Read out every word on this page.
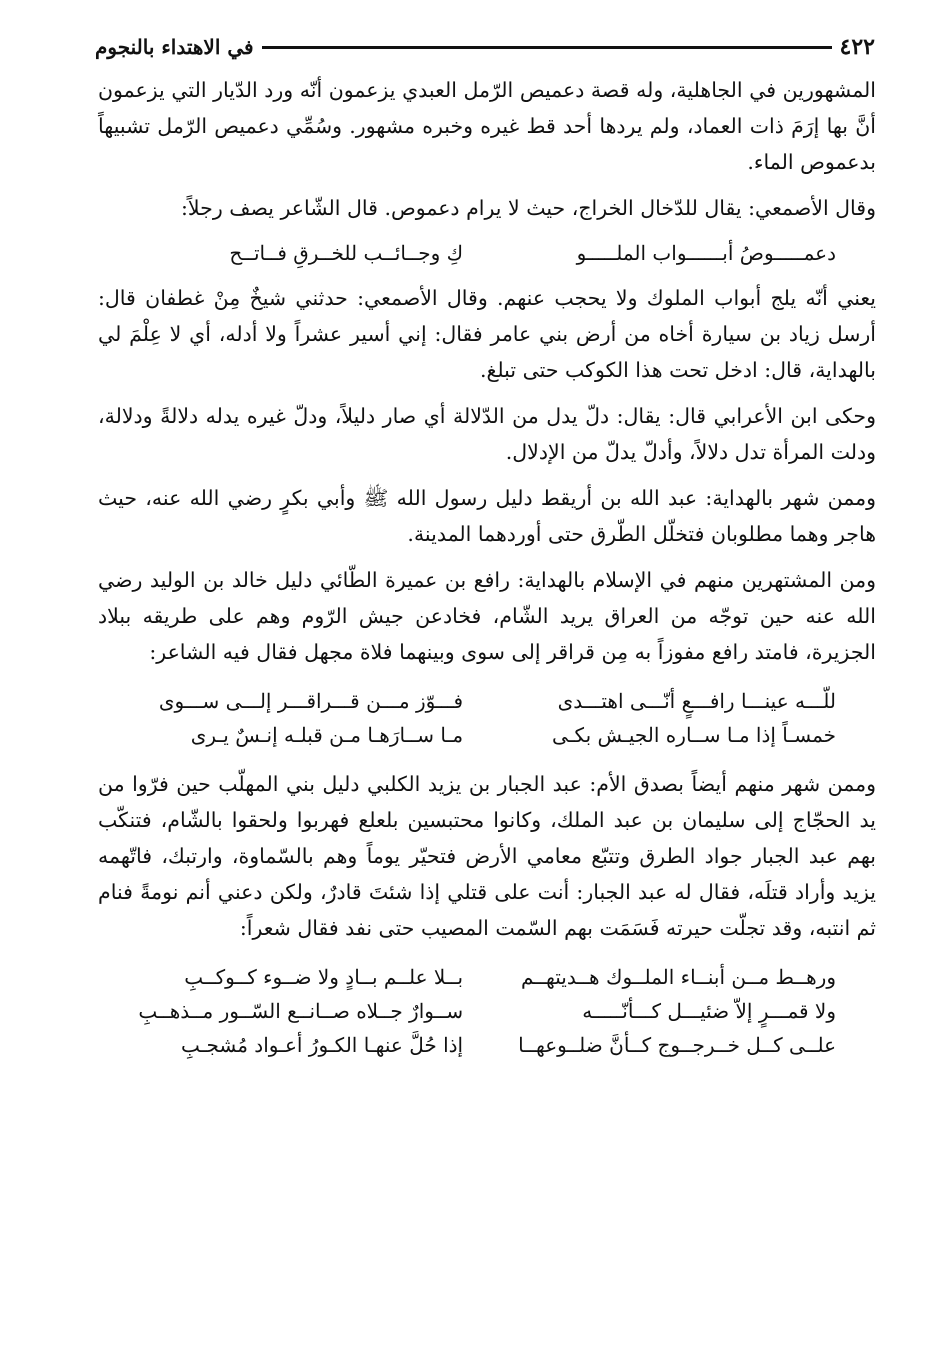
٤٢٢
في الاهتداء بالنجوم

المشهورين في الجاهلية، وله قصة دعميص الرّمل العبدي يزعمون أنّه ورد الدّيار التي يزعمون أنَّ بها إرَمَ ذات العماد، ولم يردها أحد قط غيره وخبره مشهور. وسُمِّي دعميص الرّمل تشبيهاً بدعموص الماء.

وقال الأصمعي: يقال للدّخال الخراج، حيث لا يرام دعموص. قال الشّاعر يصف رجلاً:

دعمـــــوصُ أبــــــواب الملـــــو
كِ وجــائــب للخــرقِ فــاتــح

يعني أنّه يلج أبواب الملوك ولا يحجب عنهم. وقال الأصمعي: حدثني شيخٌ مِنْ غطفان قال: أرسل زياد بن سيارة أخاه من أرض بني عامر فقال: إني أسير عشراً ولا أدله، أي لا عِلْمَ لي بالهداية، قال: ادخل تحت هذا الكوكب حتى تبلغ.

وحكى ابن الأعرابي قال: يقال: دلّ يدل من الدّلالة أي صار دليلاً، ودلّ غيره يدله دلالةً ودلالة، ودلت المرأة تدل دلالاً، وأدلّ يدلّ من الإدلال.

وممن شهر بالهداية: عبد الله بن أريقط دليل رسول الله ﷺ وأبي بكرٍ رضي الله عنه، حيث هاجر وهما مطلوبان فتخلّل الطّرق حتى أوردهما المدينة.

ومن المشتهرين منهم في الإسلام بالهداية: رافع بن عميرة الطّائي دليل خالد بن الوليد رضي الله عنه حين توجّه من العراق يريد الشّام، فخادعن جيش الرّوم وهم على طريقه ببلاد الجزيرة، فامتد رافع مفوزاً به مِن قراقر إلى سوى وبينهما فلاة مجهل فقال فيه الشاعر:

للّـــه عينـــا رافـــعٍ أنّـــى اهتـــدى
فـــوّز مـــن قـــراقـــر إلـــى ســـوى
خمسـاً إذا مـا ســاره الجيـش بكـى
مـا ســارَهـا مـن قبلـه إنـسٌ يـرى

وممن شهر منهم أيضاً بصدق الأم: عبد الجبار بن يزيد الكلبي دليل بني المهلّب حين فرّوا من يد الحجّاج إلى سليمان بن عبد الملك، وكانوا محتبسين بلعلع فهربوا ولحقوا بالشّام، فتنكّب بهم عبد الجبار جواد الطرق وتتبّع معامي الأرض فتحيّر يوماً وهم بالسّماوة، وارتبك، فاتّهمه يزيد وأراد قتلَه، فقال له عبد الجبار: أنت على قتلي إذا شئتَ قادرٌ، ولكن دعني أنم نومةً فنام ثم انتبه، وقد تجلّت حيرته فَسَمَت بهم السّمت المصيب حتى نفد فقال شعراً:

ورهــط مــن أبنــاء الملــوك هــديتهــم
بــلا علــم بــادٍ ولا ضــوء كــوكــبِ
ولا قمـــرٍ إلاّ ضئيـــل كـــأنّـــــه
ســوارٌ جــلاه صــانــع السّــور مــذهــبِ
علــى كــل خــرجــوج كــأنَّ ضلــوعهــا
إذا حُلَّ عنهـا الكـورُ أعـواد مُشجـبِ
